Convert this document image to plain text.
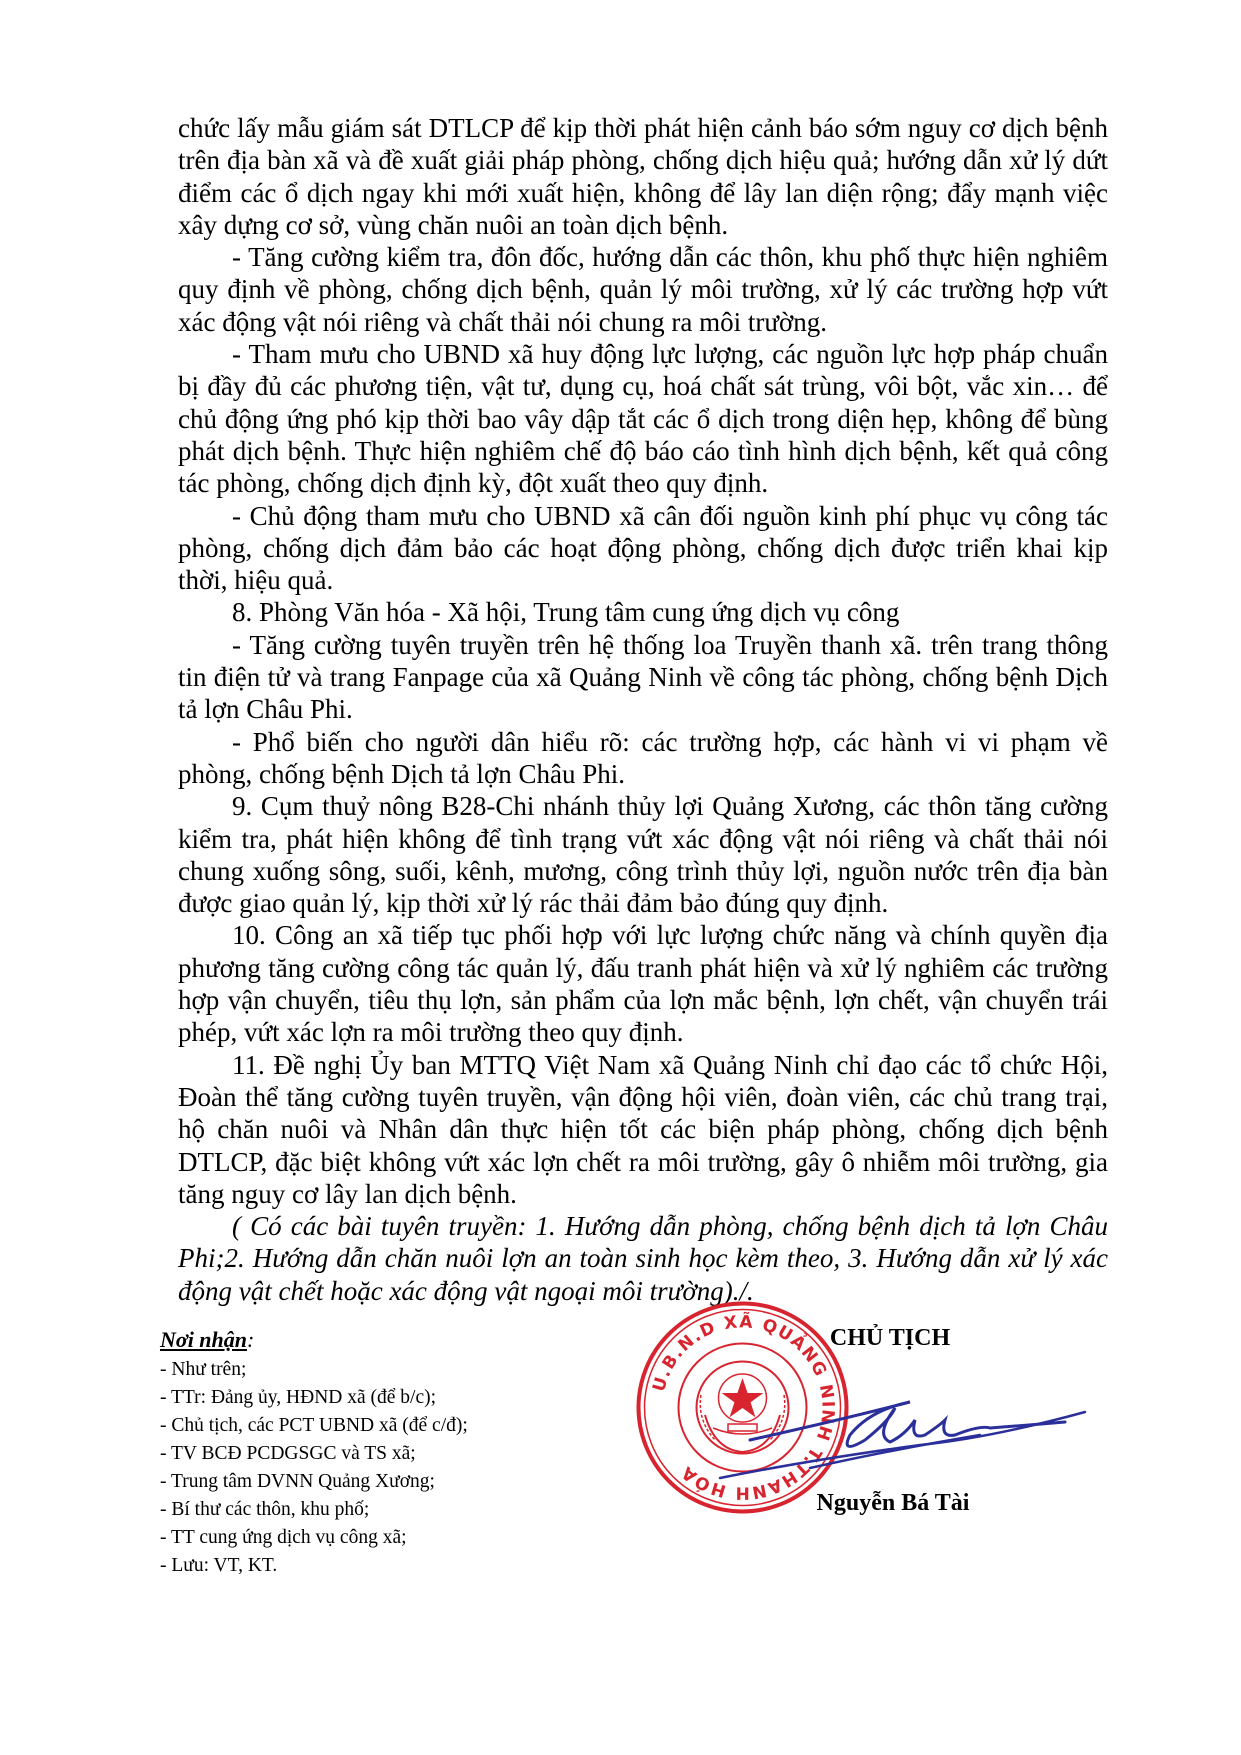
chức lấy mẫu giám sát DTLCP để kịp thời phát hiện cảnh báo sớm nguy cơ dịch bệnh trên địa bàn xã và đề xuất giải pháp phòng, chống dịch hiệu quả; hướng dẫn xử lý dứt điểm các ổ dịch ngay khi mới xuất hiện, không để lây lan diện rộng; đẩy mạnh việc xây dựng cơ sở, vùng chăn nuôi an toàn dịch bệnh.

- Tăng cường kiểm tra, đôn đốc, hướng dẫn các thôn, khu phố thực hiện nghiêm quy định về phòng, chống dịch bệnh, quản lý môi trường, xử lý các trường hợp vứt xác động vật nói riêng và chất thải nói chung ra môi trường.

- Tham mưu cho UBND xã huy động lực lượng, các nguồn lực hợp pháp chuẩn bị đầy đủ các phương tiện, vật tư, dụng cụ, hoá chất sát trùng, vôi bột, vắc xin… để chủ động ứng phó kịp thời bao vây dập tắt các ổ dịch trong diện hẹp, không để bùng phát dịch bệnh. Thực hiện nghiêm chế độ báo cáo tình hình dịch bệnh, kết quả công tác phòng, chống dịch định kỳ, đột xuất theo quy định.

- Chủ động tham mưu cho UBND xã cân đối nguồn kinh phí phục vụ công tác phòng, chống dịch đảm bảo các hoạt động phòng, chống dịch được triển khai kịp thời, hiệu quả.

8. Phòng Văn hóa - Xã hội, Trung tâm cung ứng dịch vụ công

- Tăng cường tuyên truyền trên hệ thống loa Truyền thanh xã. trên trang thông tin điện tử và trang Fanpage của xã Quảng Ninh về công tác phòng, chống bệnh Dịch tả lợn Châu Phi.

- Phổ biến cho người dân hiểu rõ: các trường hợp, các hành vi vi phạm về phòng, chống bệnh Dịch tả lợn Châu Phi.

9. Cụm thuỷ nông B28-Chi nhánh thủy lợi Quảng Xương, các thôn tăng cường kiểm tra, phát hiện không để tình trạng vứt xác động vật nói riêng và chất thải nói chung xuống sông, suối, kênh, mương, công trình thủy lợi, nguồn nước trên địa bàn được giao quản lý, kịp thời xử lý rác thải đảm bảo đúng quy định.

10. Công an xã tiếp tục phối hợp với lực lượng chức năng và chính quyền địa phương tăng cường công tác quản lý, đấu tranh phát hiện và xử lý nghiêm các trường hợp vận chuyển, tiêu thụ lợn, sản phẩm của lợn mắc bệnh, lợn chết, vận chuyển trái phép, vứt xác lợn ra môi trường theo quy định.

11. Đề nghị Ủy ban MTTQ Việt Nam xã Quảng Ninh chỉ đạo các tổ chức Hội, Đoàn thể tăng cường tuyên truyền, vận động hội viên, đoàn viên, các chủ trang trại, hộ chăn nuôi và Nhân dân thực hiện tốt các biện pháp phòng, chống dịch bệnh DTLCP, đặc biệt không vứt xác lợn chết ra môi trường, gây ô nhiễm môi trường, gia tăng nguy cơ lây lan dịch bệnh.

( Có các bài tuyên truyền: 1. Hướng dẫn phòng, chống bệnh dịch tả lợn Châu Phi;2. Hướng dẫn chăn nuôi lợn an toàn sinh học kèm theo, 3. Hướng dẫn xử lý xác động vật chết hoặc xác động vật ngoại môi trường)./.

Nơi nhận:
- Như trên;
- TTr: Đảng ủy, HĐND xã (để b/c);
- Chủ tịch, các PCT UBND xã (để c/đ);
- TV BCĐ PCDGSGC và TS xã;
- Trung tâm DVNN Quảng Xương;
- Bí thư các thôn, khu phố;
- TT cung ứng dịch vụ công xã;
- Lưu: VT, KT.
U.B.N.D XÃ QUẢNG NINH T.THANH HÓA
CHỦ TỊCH
Nguyễn Bá Tài
